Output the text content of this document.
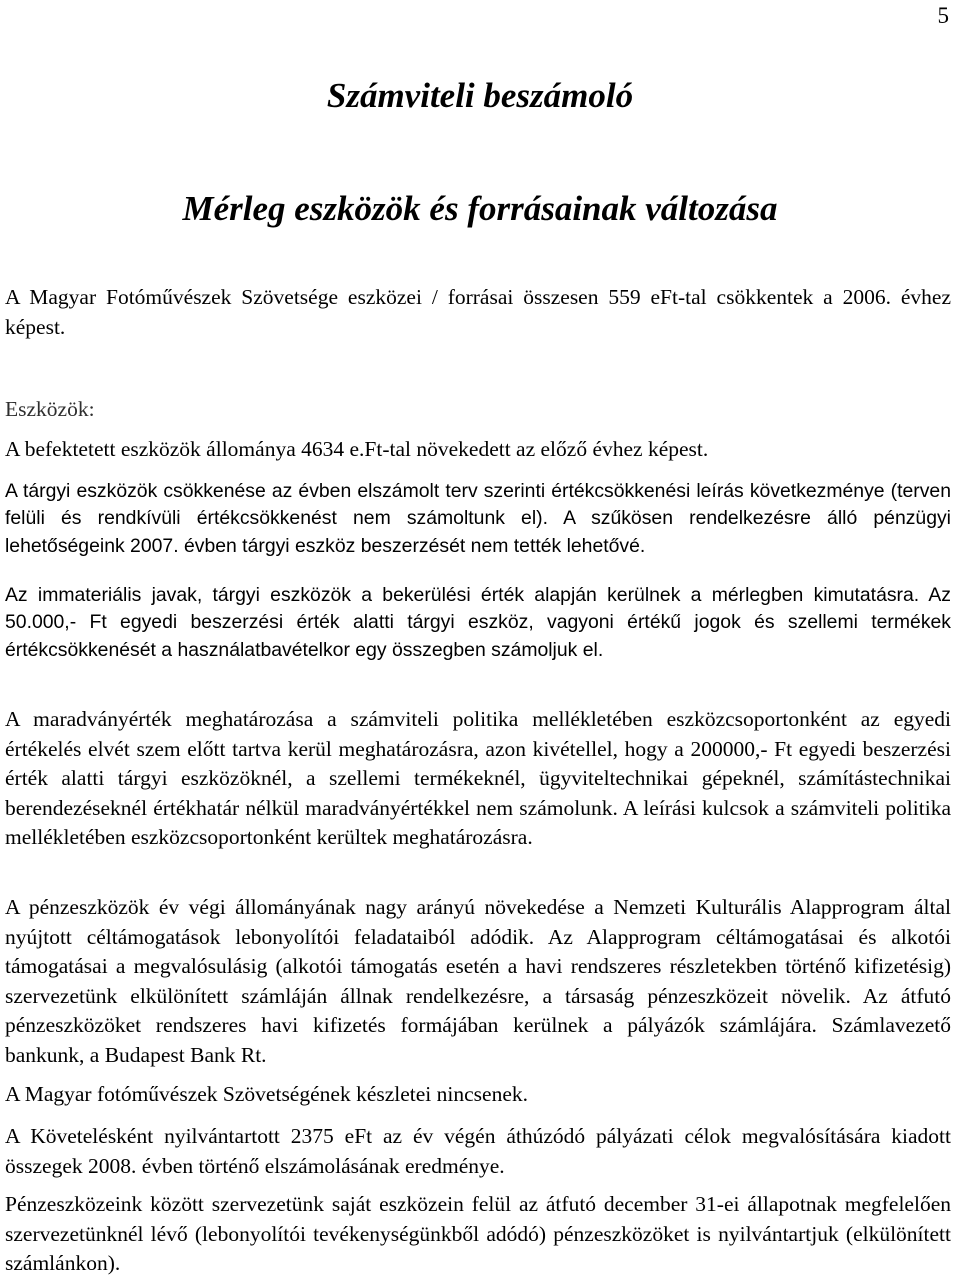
5
Számviteli beszámoló
Mérleg eszközök és forrásainak változása

A Magyar Fotóművészek Szövetsége eszközei / forrásai összesen 559 eFt-tal csökkentek a 2006. évhez képest.

Eszközök:

A befektetett eszközök állománya 4634 e.Ft-tal növekedett az előző évhez képest.

A tárgyi eszközök csökkenése az évben elszámolt terv szerinti értékcsökkenési leírás következménye (terven felüli és rendkívüli értékcsökkenést nem számoltunk el). A szűkösen rendelkezésre álló pénzügyi lehetőségeink 2007. évben tárgyi eszköz beszerzését nem tették lehetővé.

Az immateriális javak, tárgyi eszközök a bekerülési érték alapján kerülnek a mérlegben kimutatásra. Az 50.000,- Ft egyedi beszerzési érték alatti tárgyi eszköz, vagyoni értékű jogok és szellemi termékek értékcsökkenését a használatbavételkor egy összegben számoljuk el.

A maradványérték meghatározása a számviteli politika mellékletében eszközcsoportonként az egyedi értékelés elvét szem előtt tartva kerül meghatározásra, azon kivétellel, hogy a 200000,- Ft egyedi beszerzési érték alatti tárgyi eszközöknél, a szellemi termékeknél, ügyviteltechnikai gépeknél, számítástechnikai berendezéseknél értékhatár nélkül maradványértékkel nem számolunk. A leírási kulcsok a számviteli politika mellékletében eszközcsoportonként kerültek meghatározásra.

A pénzeszközök év végi állományának nagy arányú növekedése a Nemzeti Kulturális Alapprogram által nyújtott céltámogatások lebonyolítói feladataiból adódik. Az Alapprogram céltámogatásai és alkotói támogatásai a megvalósulásig (alkotói támogatás esetén a havi rendszeres részletekben történő kifizetésig) szervezetünk elkülönített számláján állnak rendelkezésre, a társaság pénzeszközeit növelik. Az átfutó pénzeszközöket rendszeres havi kifizetés formájában kerülnek a pályázók számlájára. Számlavezető bankunk, a Budapest Bank Rt.

A Magyar fotóművészek Szövetségének készletei nincsenek.

A Követelésként nyilvántartott 2375 eFt az év végén áthúzódó pályázati célok megvalósítására kiadott összegek 2008. évben történő elszámolásának eredménye.

Pénzeszközeink között szervezetünk saját eszközein felül az átfutó december 31-ei állapotnak megfelelően szervezetünknél lévő (lebonyolítói tevékenységünkből adódó) pénzeszközöket is nyilvántartjuk (elkülönített számlánkon).
